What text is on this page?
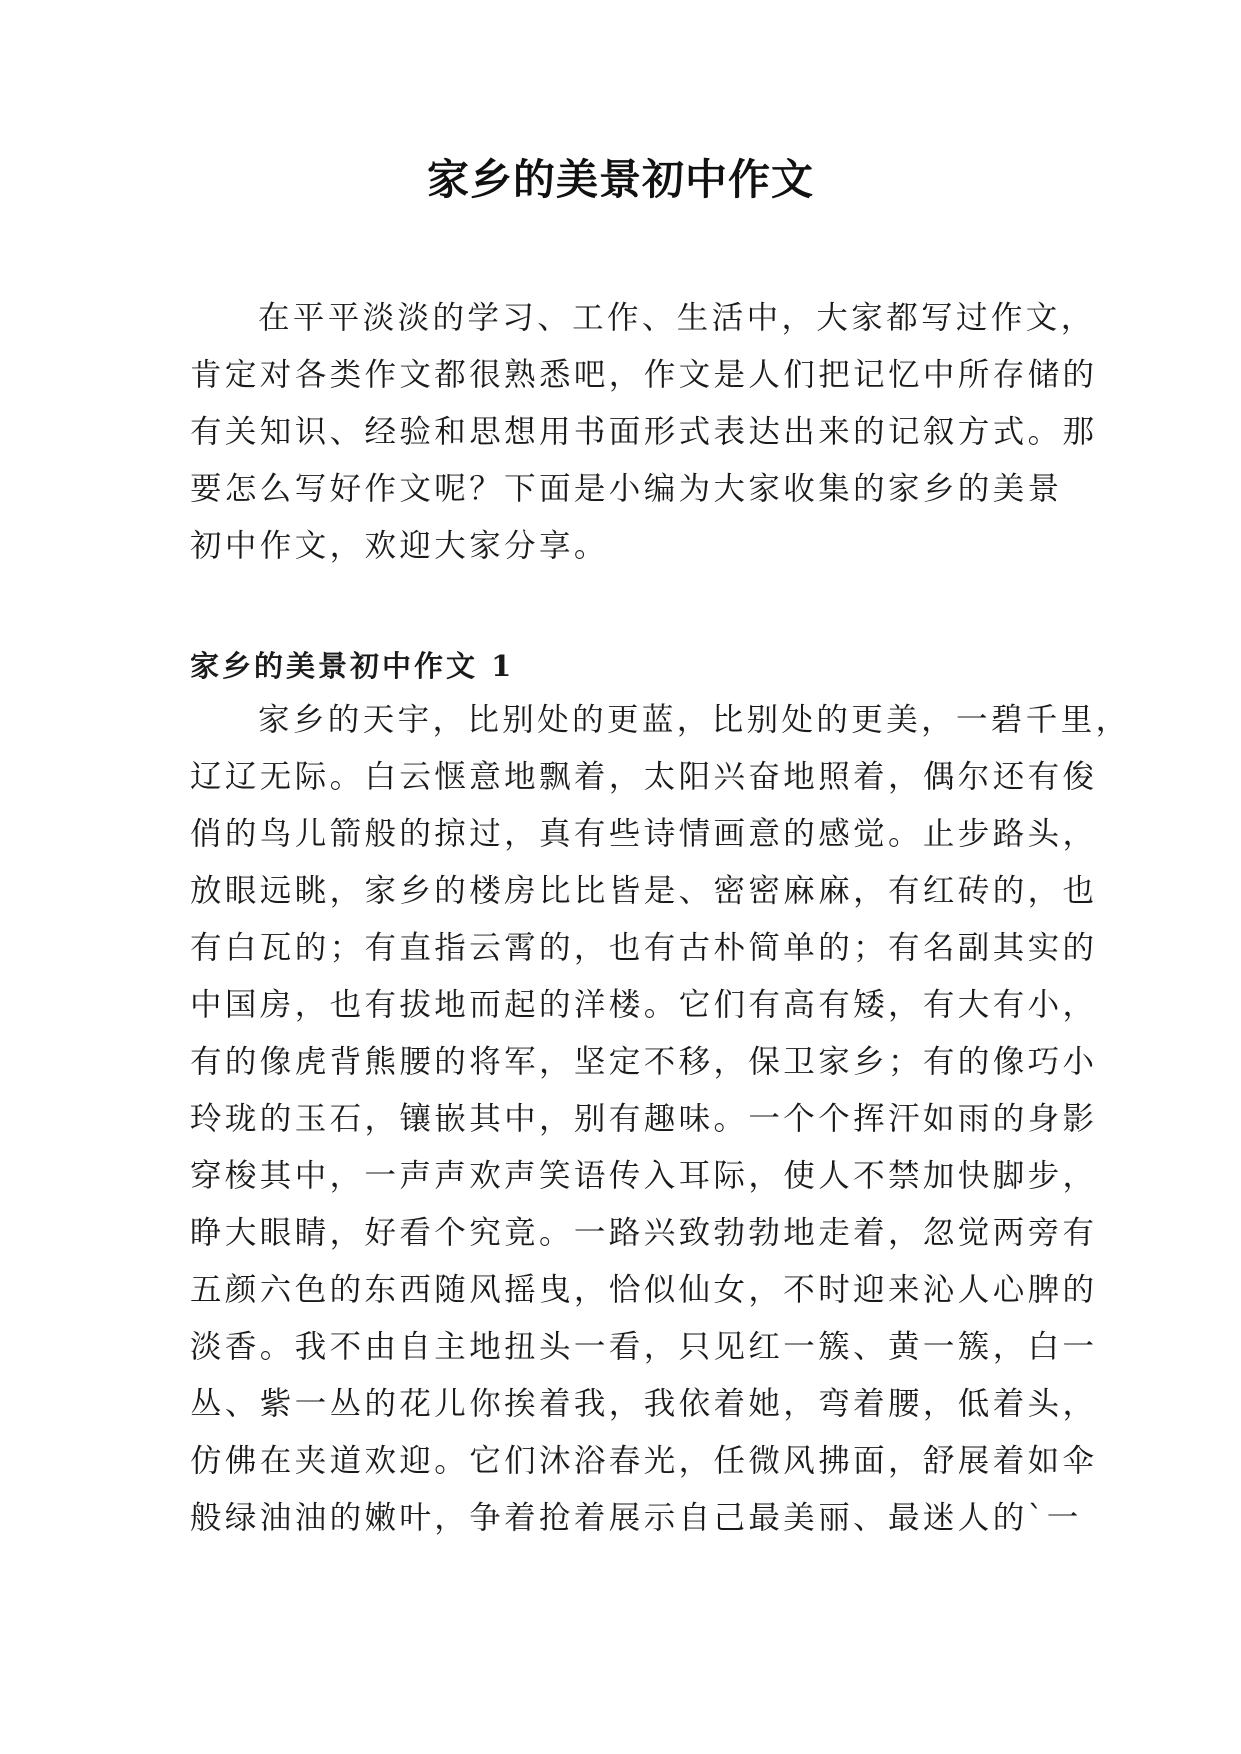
家乡的美景初中作文
在平平淡淡的学习、工作、生活中，大家都写过作文，
肯定对各类作文都很熟悉吧，作文是人们把记忆中所存储的
有关知识、经验和思想用书面形式表达出来的记叙方式。那
要怎么写好作文呢？下面是小编为大家收集的家乡的美景
初中作文，欢迎大家分享。
家乡的美景初中作文 1
家乡的天宇，比别处的更蓝，比别处的更美，一碧千里，
辽辽无际。白云惬意地飘着，太阳兴奋地照着，偶尔还有俊
俏的鸟儿箭般的掠过，真有些诗情画意的感觉。止步路头，
放眼远眺，家乡的楼房比比皆是、密密麻麻，有红砖的，也
有白瓦的；有直指云霄的，也有古朴简单的；有名副其实的
中国房，也有拔地而起的洋楼。它们有高有矮，有大有小，
有的像虎背熊腰的将军，坚定不移，保卫家乡；有的像巧小
玲珑的玉石，镶嵌其中，别有趣味。一个个挥汗如雨的身影
穿梭其中，一声声欢声笑语传入耳际，使人不禁加快脚步，
睁大眼睛，好看个究竟。一路兴致勃勃地走着，忽觉两旁有
五颜六色的东西随风摇曳，恰似仙女，不时迎来沁人心脾的
淡香。我不由自主地扭头一看，只见红一簇、黄一簇，白一
丛、紫一丛的花儿你挨着我，我依着她，弯着腰，低着头，
仿佛在夹道欢迎。它们沐浴春光，任微风拂面，舒展着如伞
般绿油油的嫩叶，争着抢着展示自己最美丽、最迷人的`一
